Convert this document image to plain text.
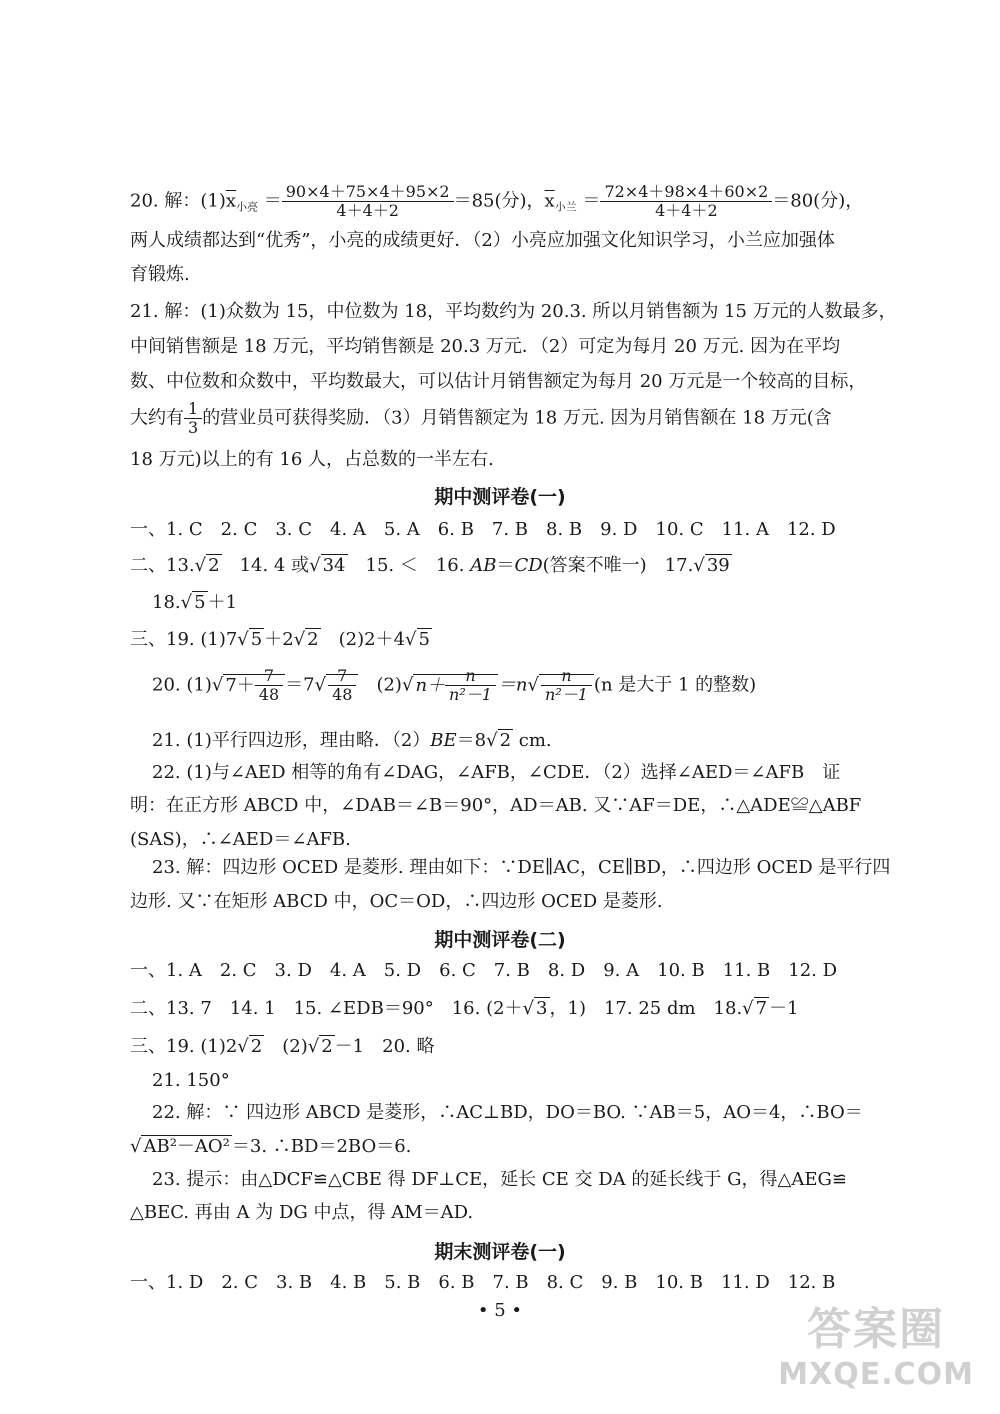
20. 解：$(1)\overline{x}_{小亮} = \frac{90\times 4+75\times 4+95\times 2}{4+4+2} =85$(分)，$\overline{x}_{小兰} = \frac{72\times 4+98\times 4+60\times 2}{4+4+2} =80$(分)，
两人成绩都达到“优秀”，小亮的成绩更好．（2）小亮应加强文化知识学习，小兰应加强体
育锻炼.
21. 解：(1)众数为 15，中位数为 18，平均数约为 20.3. 所以月销售额为 15 万元的人数最多，
中间销售额是 18 万元，平均销售额是 20.3 万元．（2）可定为每月 20 万元. 因为在平均
数、中位数和众数中，平均数最大，可以估计月销售额定为每月 20 万元是一个较高的目标，
大约有 $\frac{1}{3}$ 的营业员可获得奖励．（3）月销售额定为 18 万元. 因为月销售额在 18 万元(含
18 万元)以上的有 16 人，占总数的一半左右.
期中测评卷(一)
一、1. C　2. C　3. C　4. A　5. A　6. B　7. B　8. B　9. D　10. C　11. A　12. D
二、13.√ 2　14. 4 或√ 34　15. ＜　16. AB＝CD(答案不唯一)　17.√ 39
18.√ 5 ＋1
三、19. (1)7√ 5 ＋2√ 2　(2)2＋4√ 5
20. (1)√ $7+ \frac{7}{48} =7√ \frac{7}{48}$ 　(2)√ $n+ \frac{n}{\text{n²－1}} =n√ \frac{n}{\text{n²－1}} (n$ 是大于 1 的整数)
21. (1)平行四边形，理由略．（2）BE＝8√ 2 cm.
22. (1)与∠AED 相等的角有∠DAG，∠AFB，∠CDE．（2）选择∠AED＝∠AFB　证
明：在正方形 ABCD 中，∠DAB＝∠B＝90°，AD＝AB. 又∵AF＝DE，∴△ADE≌△ABF
(SAS)，∴∠AED＝∠AFB.
23. 解：四边形 OCED 是菱形. 理由如下：∵DE∥AC，CE∥BD，∴四边形 OCED 是平行四
边形. 又∵在矩形 ABCD 中，OC＝OD，∴四边形 OCED 是菱形.
期中测评卷(二)
一、1. A　2. C　3. D　4. A　5. D　6. C　7. B　8. D　9. A　10. B　11. B　12. D
二、13. 7　14. 1　15. ∠EDB＝90°　16. (2＋√ 3 ，1)　17. 25 dm　18.√ 7 －1
三、19. (1)2√ 2　(2)√ 2 －1　20. 略
21. 150°
22. 解：∵ 四边形 ABCD 是菱形，∴AC⊥BD，DO＝BO. ∵AB＝5，AO＝4，∴BO＝
√ AB²－AO² ＝3. ∴BD＝2BO＝6.
23. 提示：由△DCF≌△CBE 得 DF⊥CE，延长 CE 交 DA 的延长线于 G，得△AEG≌
△BEC. 再由 A 为 DG 中点，得 AM＝AD.
期末测评卷(一)
一、1. D　2. C　3. B　4. B　5. B　6. B　7. B　8. C　9. B　10. B　11. D　12. B
• 5 •	答案圈
MXQE.COM
